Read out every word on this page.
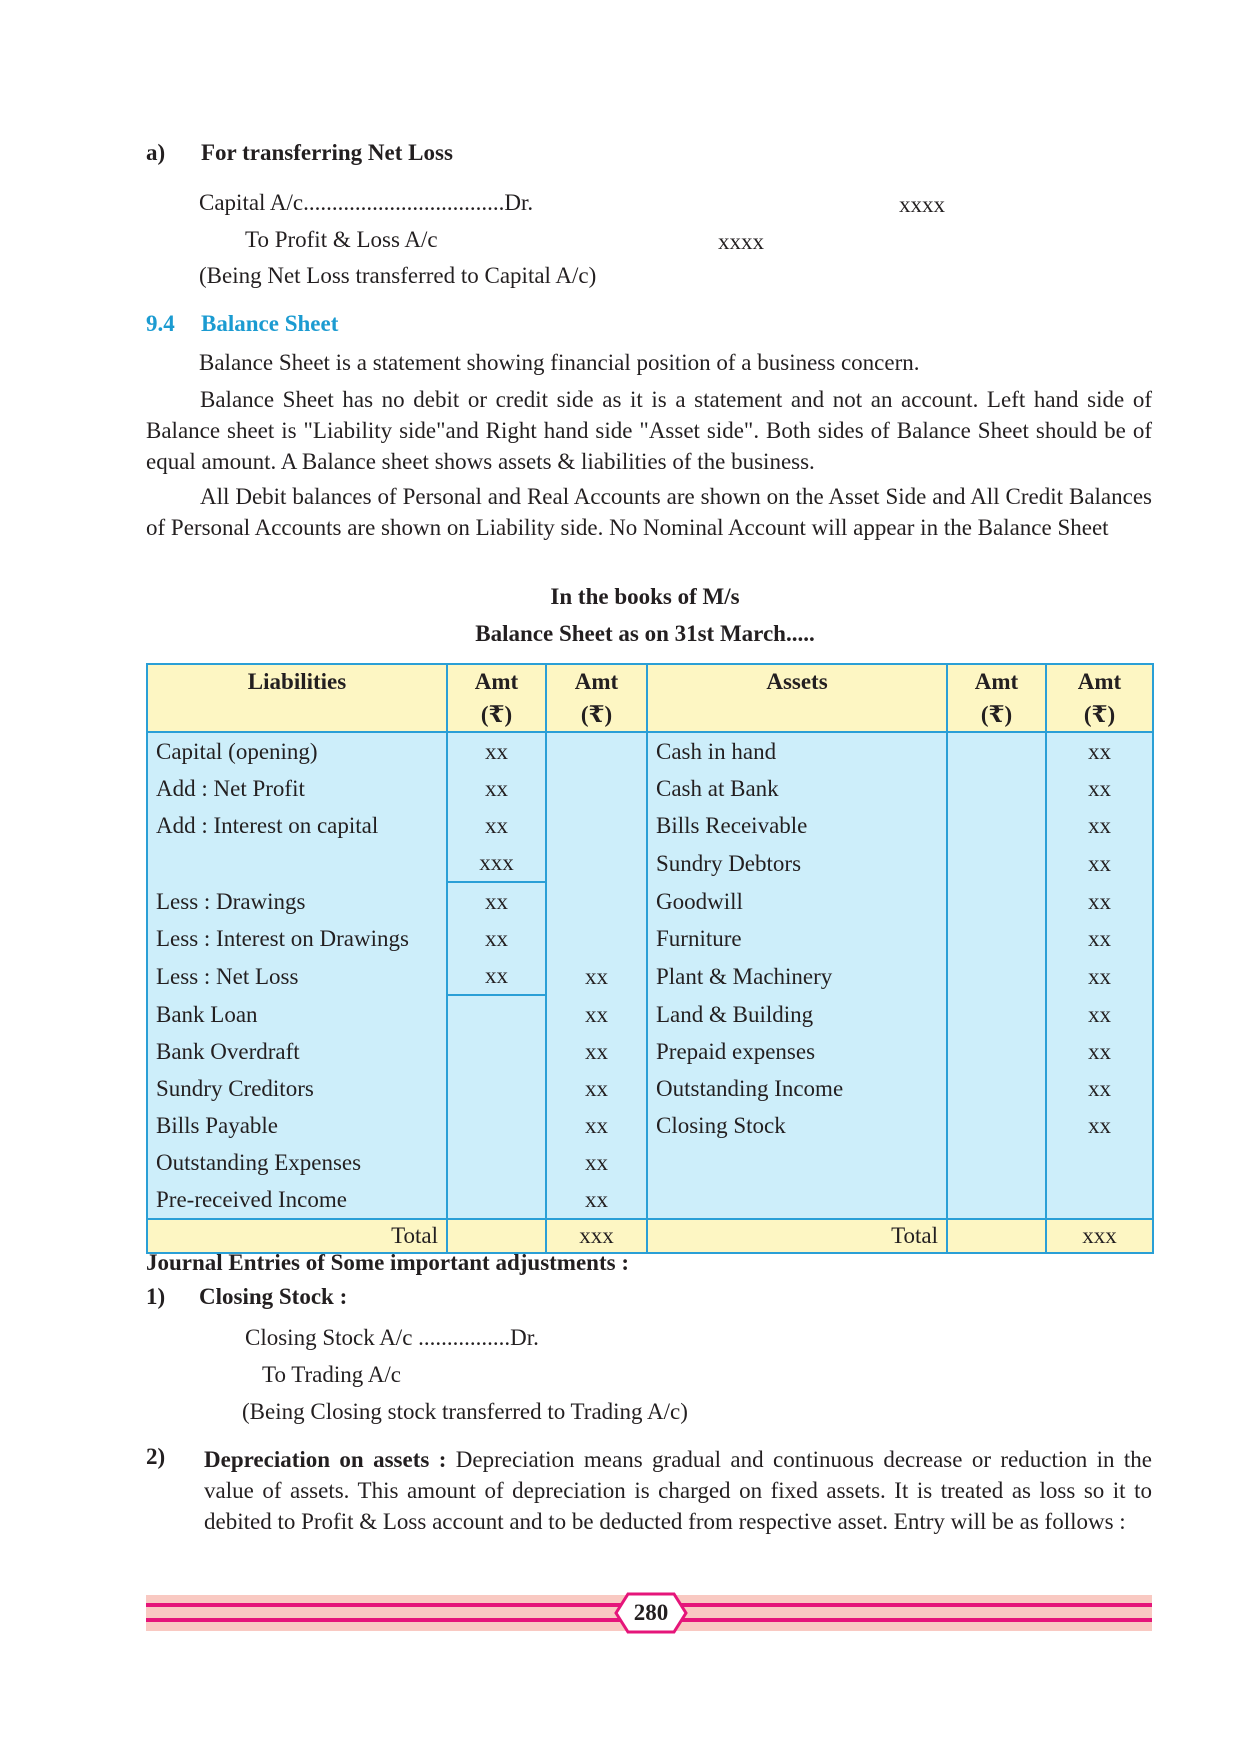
a) For transferring Net Loss
Capital A/c...................................Dr.	xxxx
To Profit & Loss A/c	xxxx
(Being Net Loss transferred to Capital A/c)
9.4 Balance Sheet
Balance Sheet is a statement showing financial position of a business concern.
Balance Sheet has no debit or credit side as it is a statement and not an account. Left hand side of Balance sheet is "Liability side"and Right hand side "Asset side". Both sides of Balance Sheet should be of equal amount. A Balance sheet shows assets & liabilities of the business.
All Debit balances of Personal and Real Accounts are shown on the Asset Side and All Credit Balances of Personal Accounts are shown on Liability side. No Nominal Account will appear in the Balance Sheet
In the books of M/s
Balance Sheet as on 31st March.....
Liabilities	Amt	Amt	Assets	Amt	Amt
	(₹)	(₹)		(₹)	(₹)
Capital (opening)	xx		Cash in hand		xx
Add : Net Profit	xx		Cash at Bank		xx
Add : Interest on capital	xx		Bills Receivable		xx
	xxx		Sundry Debtors		xx
Less : Drawings	xx		Goodwill		xx
Less : Interest on Drawings	xx		Furniture		xx
Less : Net Loss	xx	xx	Plant & Machinery		xx
Bank Loan		xx	Land & Building		xx
Bank Overdraft		xx	Prepaid expenses		xx
Sundry Creditors		xx	Outstanding Income		xx
Bills Payable		xx	Closing Stock		xx
Outstanding Expenses		xx			
Pre-received Income		xx			
Total		xxx	Total		xxx
Journal Entries of Some important adjustments :
1) Closing Stock :
Closing Stock A/c ................Dr.
To Trading A/c
(Being Closing stock transferred to Trading A/c)
2) Depreciation on assets : Depreciation means gradual and continuous decrease or reduction in the value of assets. This amount of depreciation is charged on fixed assets. It is treated as loss so it to debited to Profit & Loss account and to be deducted from respective asset. Entry will be as follows :
280
